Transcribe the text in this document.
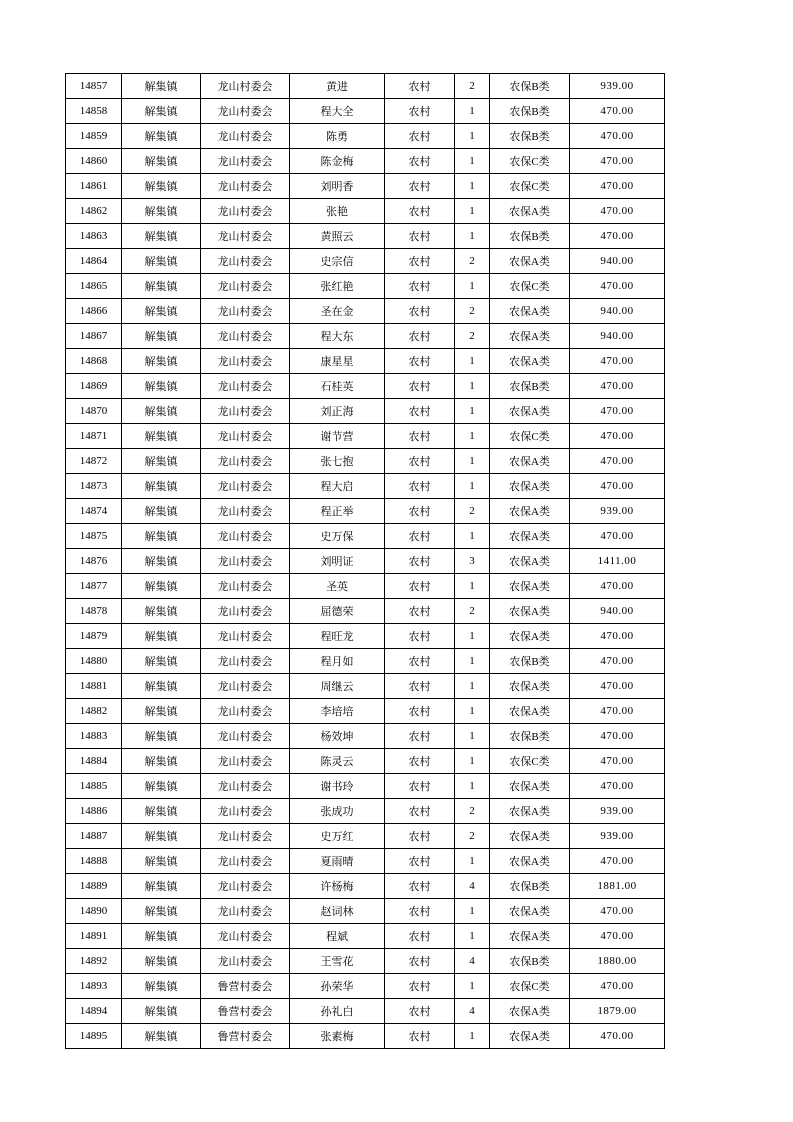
14857	解集镇	龙山村委会	黄进	农村	2	农保B类	939.00
14858	解集镇	龙山村委会	程大全	农村	1	农保B类	470.00
14859	解集镇	龙山村委会	陈勇	农村	1	农保B类	470.00
14860	解集镇	龙山村委会	陈金梅	农村	1	农保C类	470.00
14861	解集镇	龙山村委会	刘明香	农村	1	农保C类	470.00
14862	解集镇	龙山村委会	张艳	农村	1	农保A类	470.00
14863	解集镇	龙山村委会	黄照云	农村	1	农保B类	470.00
14864	解集镇	龙山村委会	史宗信	农村	2	农保A类	940.00
14865	解集镇	龙山村委会	张红艳	农村	1	农保C类	470.00
14866	解集镇	龙山村委会	圣在金	农村	2	农保A类	940.00
14867	解集镇	龙山村委会	程大东	农村	2	农保A类	940.00
14868	解集镇	龙山村委会	康星星	农村	1	农保A类	470.00
14869	解集镇	龙山村委会	石桂英	农村	1	农保B类	470.00
14870	解集镇	龙山村委会	刘正海	农村	1	农保A类	470.00
14871	解集镇	龙山村委会	谢节营	农村	1	农保C类	470.00
14872	解集镇	龙山村委会	张七抱	农村	1	农保A类	470.00
14873	解集镇	龙山村委会	程大启	农村	1	农保A类	470.00
14874	解集镇	龙山村委会	程正举	农村	2	农保A类	939.00
14875	解集镇	龙山村委会	史万保	农村	1	农保A类	470.00
14876	解集镇	龙山村委会	刘明证	农村	3	农保A类	1411.00
14877	解集镇	龙山村委会	圣英	农村	1	农保A类	470.00
14878	解集镇	龙山村委会	屈德荣	农村	2	农保A类	940.00
14879	解集镇	龙山村委会	程旺龙	农村	1	农保A类	470.00
14880	解集镇	龙山村委会	程月如	农村	1	农保B类	470.00
14881	解集镇	龙山村委会	周继云	农村	1	农保A类	470.00
14882	解集镇	龙山村委会	李培培	农村	1	农保A类	470.00
14883	解集镇	龙山村委会	杨效坤	农村	1	农保B类	470.00
14884	解集镇	龙山村委会	陈灵云	农村	1	农保C类	470.00
14885	解集镇	龙山村委会	谢书玲	农村	1	农保A类	470.00
14886	解集镇	龙山村委会	张成功	农村	2	农保A类	939.00
14887	解集镇	龙山村委会	史万红	农村	2	农保A类	939.00
14888	解集镇	龙山村委会	夏雨晴	农村	1	农保A类	470.00
14889	解集镇	龙山村委会	许杨梅	农村	4	农保B类	1881.00
14890	解集镇	龙山村委会	赵词林	农村	1	农保A类	470.00
14891	解集镇	龙山村委会	程斌	农村	1	农保A类	470.00
14892	解集镇	龙山村委会	王雪花	农村	4	农保B类	1880.00
14893	解集镇	鲁营村委会	孙荣华	农村	1	农保C类	470.00
14894	解集镇	鲁营村委会	孙礼白	农村	4	农保A类	1879.00
14895	解集镇	鲁营村委会	张素梅	农村	1	农保A类	470.00
